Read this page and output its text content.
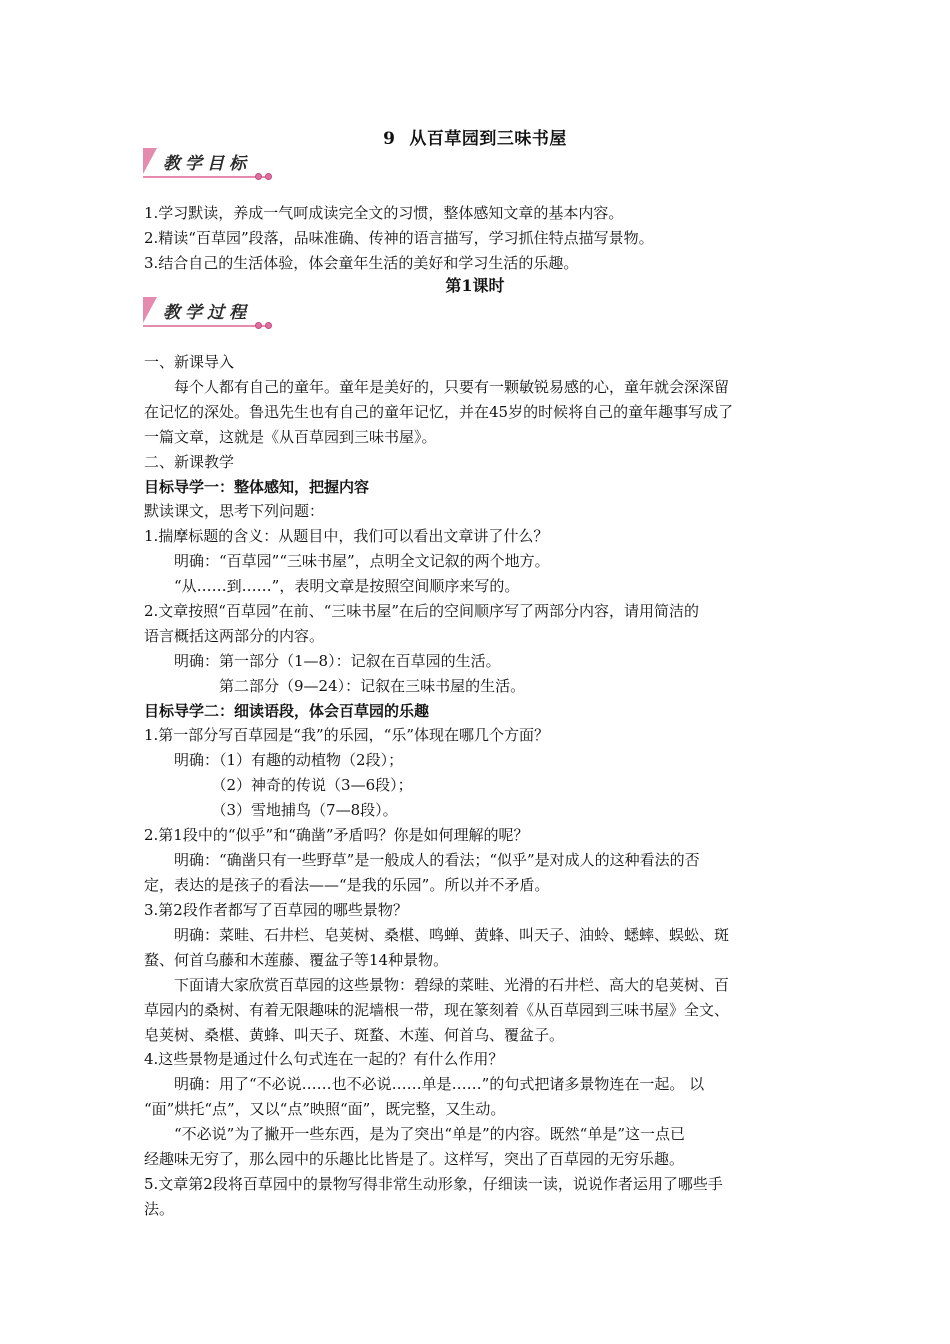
9 从百草园到三味书屋
教学目标
1.学习默读，养成一气呵成读完全文的习惯，整体感知文章的基本内容。
2.精读“百草园”段落，品味准确、传神的语言描写，学习抓住特点描写景物。
3.结合自己的生活体验，体会童年生活的美好和学习生活的乐趣。
第1课时
教学过程
一、新课导入
　　每个人都有自己的童年。童年是美好的，只要有一颗敏锐易感的心，童年就会深深留
在记忆的深处。鲁迅先生也有自己的童年记忆，并在45岁的时候将自己的童年趣事写成了
一篇文章，这就是《从百草园到三味书屋》。
二、新课教学
目标导学一：整体感知，把握内容
默读课文，思考下列问题：
1.揣摩标题的含义：从题目中，我们可以看出文章讲了什么？
　　明确：“百草园”“三味书屋”，点明全文记叙的两个地方。
　　“从……到……”，表明文章是按照空间顺序来写的。
2.文章按照“百草园”在前、“三味书屋”在后的空间顺序写了两部分内容，请用简洁的
语言概括这两部分的内容。
　　明确：第一部分（1—8）：记叙在百草园的生活。
　　　　　第二部分（9—24）：记叙在三味书屋的生活。
目标导学二：细读语段，体会百草园的乐趣
1.第一部分写百草园是“我”的乐园，“乐”体现在哪几个方面？
　　明确：（1）有趣的动植物（2段）；
　　　　　（2）神奇的传说（3—6段）；
　　　　　（3）雪地捕鸟（7—8段）。
2.第1段中的“似乎”和“确凿”矛盾吗？你是如何理解的呢？
　　明确：“确凿只有一些野草”是一般成人的看法；“似乎”是对成人的这种看法的否
定，表达的是孩子的看法——“是我的乐园”。所以并不矛盾。
3.第2段作者都写了百草园的哪些景物？
　　明确：菜畦、石井栏、皂荚树、桑椹、鸣蝉、黄蜂、叫天子、油蛉、蟋蟀、蜈蚣、斑
蝥、何首乌藤和木莲藤、覆盆子等14种景物。
　　下面请大家欣赏百草园的这些景物：碧绿的菜畦、光滑的石井栏、高大的皂荚树、百
草园内的桑树、有着无限趣味的泥墙根一带，现在篆刻着《从百草园到三味书屋》全文、
皂荚树、桑椹、黄蜂、叫天子、斑蝥、木莲、何首乌、覆盆子。
4.这些景物是通过什么句式连在一起的？有什么作用？
　　明确：用了“不必说……也不必说……单是……”的句式把诸多景物连在一起。 以
“面”烘托“点”，又以“点”映照“面”，既完整，又生动。
　　“不必说”为了撇开一些东西，是为了突出“单是”的内容。既然“单是”这一点已
经趣味无穷了，那么园中的乐趣比比皆是了。这样写，突出了百草园的无穷乐趣。
5.文章第2段将百草园中的景物写得非常生动形象，仔细读一读，说说作者运用了哪些手
法。
